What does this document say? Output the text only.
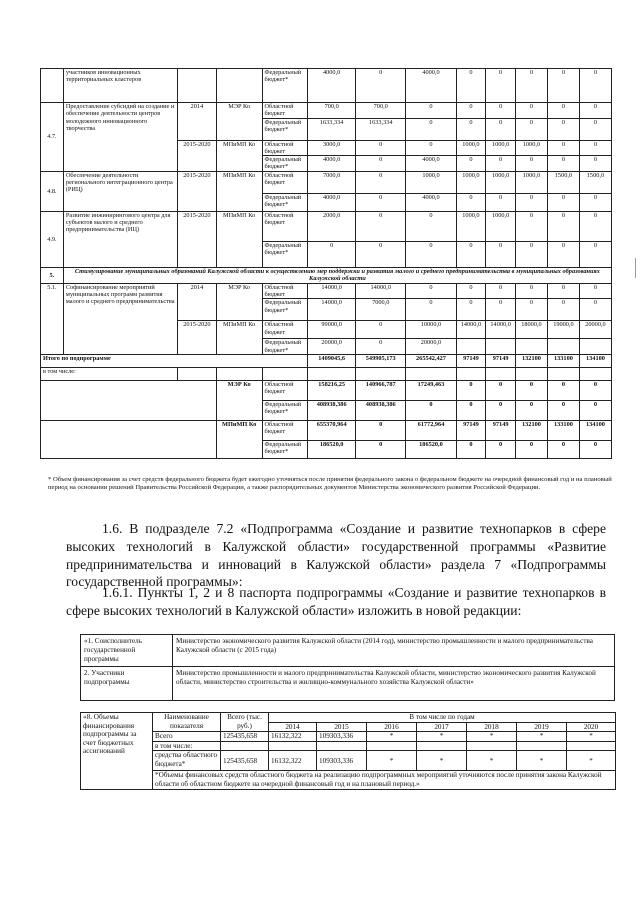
	участников инновационных территориальных кластеров			Федеральный бюджет*	4000,0	0	4000,0	0	0	0	0	0
4.7.	Предоставление субсидий на создание и обеспечение деятельности центров молодежного инновационного творчества	2014	МЭР Ко	Областной бюджет	700,0	700,0	0	0	0	0	0	0
				Федеральный бюджет*	1633,334	1633,334	0	0	0	0	0	0
		2015-2020	МПиМП Ко	Областной бюджет	3000,0	0	0	1000,0	1000,0	1000,0	0	0
				Федеральный бюджет*	4000,0	0	4000,0	0	0	0	0	0
4.8.	Обеспечение деятельности регионального интеграционного центра (РИЦ)	2015-2020	МПиМП Ко	Областной бюджет	7000,0	0	1000,0	1000,0	1000,0	1000,0	1500,0	1500,0
				Федеральный бюджет*	4000,0	0	4000,0	0	0	0	0	0
4.9.	Развитие инжинирингового центра для субъектов малого и среднего предпринимательства (ИЦ)	2015-2020	МПиМП Ко	Областной бюджет	2000,0	0	0	1000,0	1000,0	0	0	0
				Федеральный бюджет*	0	0	0	0	0	0	0	0
5.	Стимулирование муниципальных образований Калужской области к осуществлению мер поддержки и развития малого и среднего предпринимательства в муниципальных образованиях Калужской области											
5.1.	Софинансирование мероприятий муниципальных программ развития малого и среднего предпринимательства	2014	МЭР Ко	Областной бюджет	14000,0	14000,0	0	0	0	0	0	0
				Федеральный бюджет*	14000,0	7000,0	0	0	0	0	0	0
		2015-2020	МПиМП Ко	Областной бюджет	99000,0	0	10000,0	14000,0	14000,0	18000,0	19000,0	20000,0
				Федеральный бюджет*	20000,0	0	20000,0					
Итого по подпрограмме					1409045,6	549905,173	265542,427	97149	97149	132100	133100	134100
в том числе:												
			МЭР Ко	Областной бюджет	158216,25	140966,787	17249,463	0	0	0	0	0
				Федеральный бюджет*	408938,386	408938,386	0	0	0	0	0	0
			МПиМП Ко	Областной бюджет	655370,964	0	61772,964	97149	97149	132100	133100	134100
				Федеральный бюджет*	186520,0	0	186520,0	0	0	0	0	0
* Объем финансирования за счет средств федерального бюджета будет ежегодно уточняться после принятия федерального закона о федеральном бюджете на очередной финансовый год и на плановый период на основании решений Правительства Российской Федерации, а также распорядительных документов Министерства экономического развития Российской Федерации.
1.6. В подразделе 7.2 «Подпрограмма «Создание и развитие технопарков в сфере высоких технологий в Калужской области» государственной программы «Развитие предпринимательства и инноваций в Калужской области» раздела 7 «Подпрограммы государственной программы»:
1.6.1. Пункты 1, 2 и 8 паспорта подпрограммы «Создание и развитие технопарков в сфере высоких технологий в Калужской области» изложить в новой редакции:
«1. Соисполнитель государственной программы	Министерство экономического развития Калужской области (2014 год), министерство промышленности и малого предпринимательства Калужской области (с 2015 года)
2. Участники подпрограммы	Министерство промышленности и малого предпринимательства Калужской области, министерство экономического развития Калужской области, министерство строительства и жилищно-коммунального хозяйства Калужской области»
«8. Объемы финансирования подпрограммы за счет бюджетных ассигнований	Наименование показателя	Всего (тыс. руб.)	В том числе по годам						
			2014	2015	2016	2017	2018	2019	2020
	Всего	125435,658	16132,322	109303,336	*	*	*	*	*
	в том числе:								
	средства областного бюджета*	125435,658	16132,322	109303,336	*	*	*	*	*
	*Объемы финансовых средств областного бюджета на реализацию подпрограммных мероприятий уточняются после принятия закона Калужской области об областном бюджете на очередной финансовый год и на плановый период.»								
